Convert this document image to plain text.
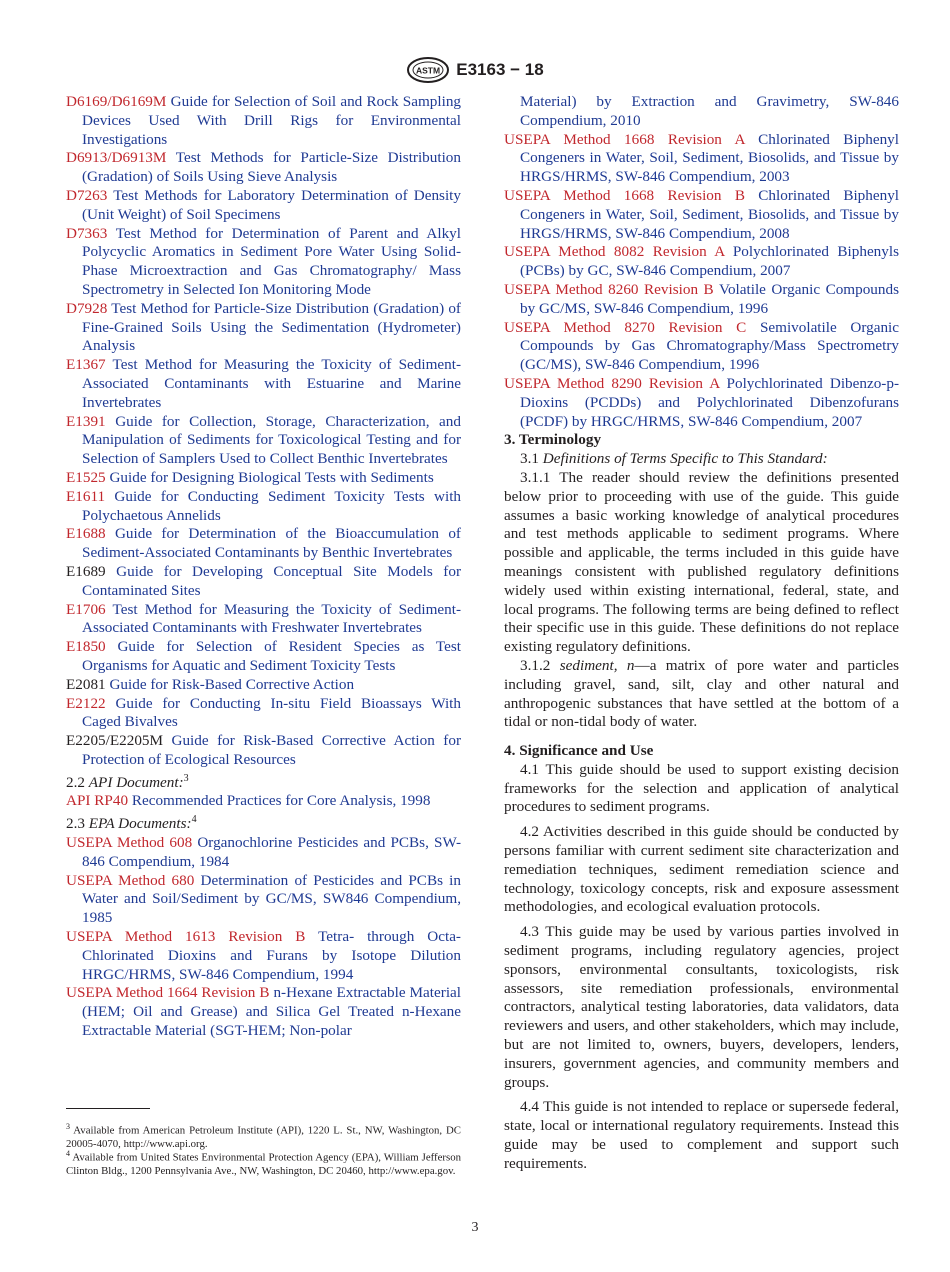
ASTM E3163 − 18

D6169/D6169M Guide for Selection of Soil and Rock Sampling Devices Used With Drill Rigs for Environmental Investigations

D6913/D6913M Test Methods for Particle-Size Distribution (Gradation) of Soils Using Sieve Analysis

D7263 Test Methods for Laboratory Determination of Density (Unit Weight) of Soil Specimens

D7363 Test Method for Determination of Parent and Alkyl Polycyclic Aromatics in Sediment Pore Water Using Solid-Phase Microextraction and Gas Chromatography/ Mass Spectrometry in Selected Ion Monitoring Mode

D7928 Test Method for Particle-Size Distribution (Gradation) of Fine-Grained Soils Using the Sedimentation (Hydrometer) Analysis

E1367 Test Method for Measuring the Toxicity of Sediment-Associated Contaminants with Estuarine and Marine Invertebrates

E1391 Guide for Collection, Storage, Characterization, and Manipulation of Sediments for Toxicological Testing and for Selection of Samplers Used to Collect Benthic Invertebrates

E1525 Guide for Designing Biological Tests with Sediments

E1611 Guide for Conducting Sediment Toxicity Tests with Polychaetous Annelids

E1688 Guide for Determination of the Bioaccumulation of Sediment-Associated Contaminants by Benthic Invertebrates

E1689 Guide for Developing Conceptual Site Models for Contaminated Sites

E1706 Test Method for Measuring the Toxicity of Sediment-Associated Contaminants with Freshwater Invertebrates

E1850 Guide for Selection of Resident Species as Test Organisms for Aquatic and Sediment Toxicity Tests

E2081 Guide for Risk-Based Corrective Action

E2122 Guide for Conducting In-situ Field Bioassays With Caged Bivalves

E2205/E2205M Guide for Risk-Based Corrective Action for Protection of Ecological Resources

2.2 API Document:$^3$

API RP40 Recommended Practices for Core Analysis, 1998

2.3 EPA Documents:$^4$

USEPA Method 608 Organochlorine Pesticides and PCBs, SW-846 Compendium, 1984

USEPA Method 680 Determination of Pesticides and PCBs in Water and Soil/Sediment by GC/MS, SW846 Compendium, 1985

USEPA Method 1613 Revision B Tetra- through Octa-Chlorinated Dioxins and Furans by Isotope Dilution HRGC/HRMS, SW-846 Compendium, 1994

USEPA Method 1664 Revision B n-Hexane Extractable Material (HEM; Oil and Grease) and Silica Gel Treated n-Hexane Extractable Material (SGT-HEM; Non-polar

Material) by Extraction and Gravimetry, SW-846 Compendium, 2010

USEPA Method 1668 Revision A Chlorinated Biphenyl Congeners in Water, Soil, Sediment, Biosolids, and Tissue by HRGS/HRMS, SW-846 Compendium, 2003

USEPA Method 1668 Revision B Chlorinated Biphenyl Congeners in Water, Soil, Sediment, Biosolids, and Tissue by HRGS/HRMS, SW-846 Compendium, 2008

USEPA Method 8082 Revision A Polychlorinated Biphenyls (PCBs) by GC, SW-846 Compendium, 2007

USEPA Method 8260 Revision B Volatile Organic Compounds by GC/MS, SW-846 Compendium, 1996

USEPA Method 8270 Revision C Semivolatile Organic Compounds by Gas Chromatography/Mass Spectrometry (GC/MS), SW-846 Compendium, 1996

USEPA Method 8290 Revision A Polychlorinated Dibenzo-p-Dioxins (PCDDs) and Polychlorinated Dibenzofurans (PCDF) by HRGC/HRMS, SW-846 Compendium, 2007

3. Terminology

3.1 Definitions of Terms Specific to This Standard:

3.1.1 The reader should review the definitions presented below prior to proceeding with use of the guide. This guide assumes a basic working knowledge of analytical procedures and test methods applicable to sediment programs. Where possible and applicable, the terms included in this guide have meanings consistent with published regulatory definitions widely used within existing international, federal, state, and local programs. The following terms are being defined to reflect their specific use in this guide. These definitions do not replace existing regulatory definitions.

3.1.2 sediment, n—a matrix of pore water and particles including gravel, sand, silt, clay and other natural and anthropogenic substances that have settled at the bottom of a tidal or non-tidal body of water.

4. Significance and Use

4.1 This guide should be used to support existing decision frameworks for the selection and application of analytical procedures to sediment programs.

4.2 Activities described in this guide should be conducted by persons familiar with current sediment site characterization and remediation techniques, sediment remediation science and technology, toxicology concepts, risk and exposure assessment methodologies, and ecological evaluation protocols.

4.3 This guide may be used by various parties involved in sediment programs, including regulatory agencies, project sponsors, environmental consultants, toxicologists, risk assessors, site remediation professionals, environmental contractors, analytical testing laboratories, data validators, data reviewers and users, and other stakeholders, which may include, but are not limited to, owners, buyers, developers, lenders, insurers, government agencies, and community members and groups.

4.4 This guide is not intended to replace or supersede federal, state, local or international regulatory requirements. Instead this guide may be used to complement and support such requirements.

$^3$ Available from American Petroleum Institute (API), 1220 L. St., NW, Washington, DC 20005-4070, http://www.api.org.
$^4$ Available from United States Environmental Protection Agency (EPA), William Jefferson Clinton Bldg., 1200 Pennsylvania Ave., NW, Washington, DC 20460, http://www.epa.gov.
3
